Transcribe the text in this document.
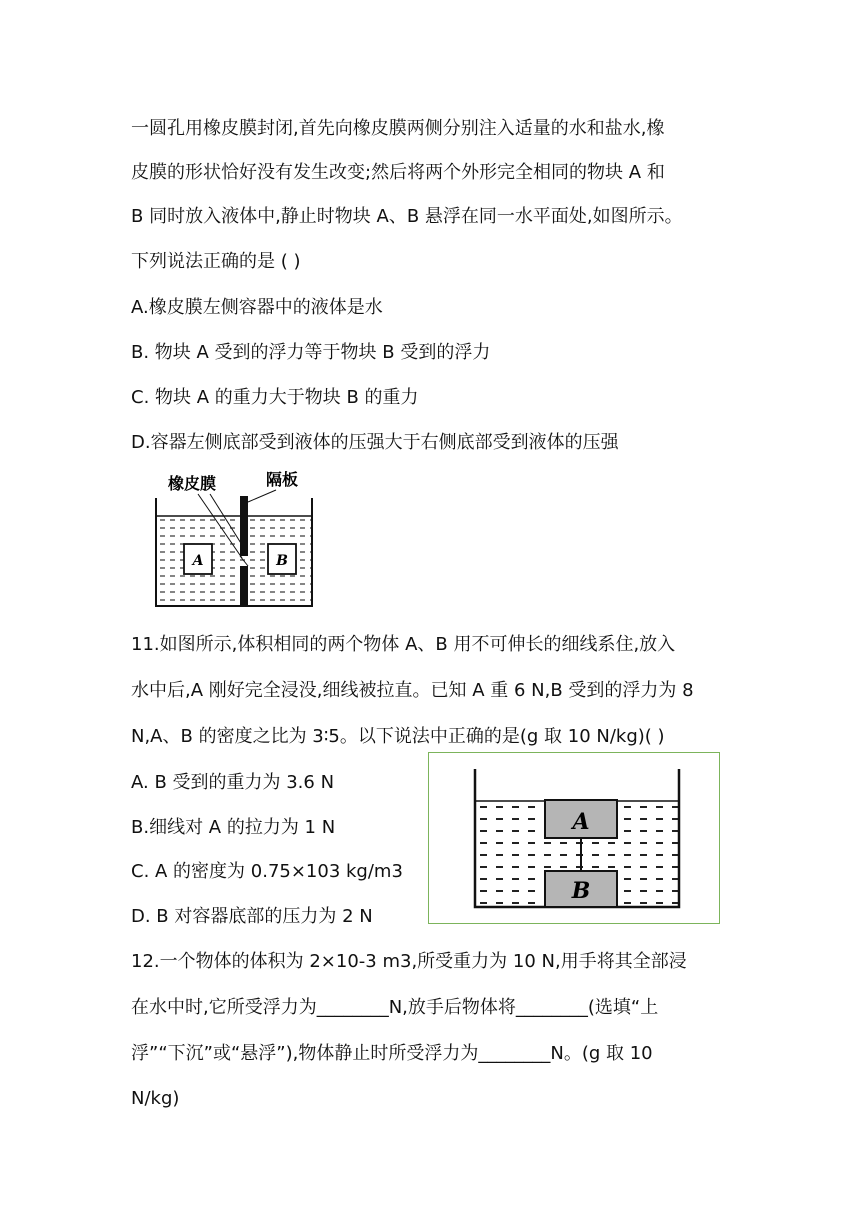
一圆孔用橡皮膜封闭,首先向橡皮膜两侧分别注入适量的水和盐水,橡
皮膜的形状恰好没有发生改变;然后将两个外形完全相同的物块 A 和
B 同时放入液体中,静止时物块 A、B 悬浮在同一水平面处,如图所示。
下列说法正确的是 ( )
A.橡皮膜左侧容器中的液体是水
B. 物块 A 受到的浮力等于物块 B 受到的浮力
C. 物块 A 的重力大于物块 B 的重力
D.容器左侧底部受到液体的压强大于右侧底部受到液体的压强
A	B
橡皮膜	隔板
11.如图所示,体积相同的两个物体 A、B 用不可伸长的细线系住,放入
水中后,A 刚好完全浸没,细线被拉直。已知 A 重 6 N,B 受到的浮力为 8
N,A、B 的密度之比为 3∶5。以下说法中正确的是(g 取 10 N/kg)( )
A. B 受到的重力为 3.6 N
B.细线对 A 的拉力为 1 N
C. A 的密度为 0.75×103 kg/m3
D. B 对容器底部的压力为 2 N
A
B
12.一个物体的体积为 2×10-3 m3,所受重力为 10 N,用手将其全部浸
在水中时,它所受浮力为________N,放手后物体将________(选填“上
浮”“下沉”或“悬浮”),物体静止时所受浮力为________N。(g 取 10
N/kg)
